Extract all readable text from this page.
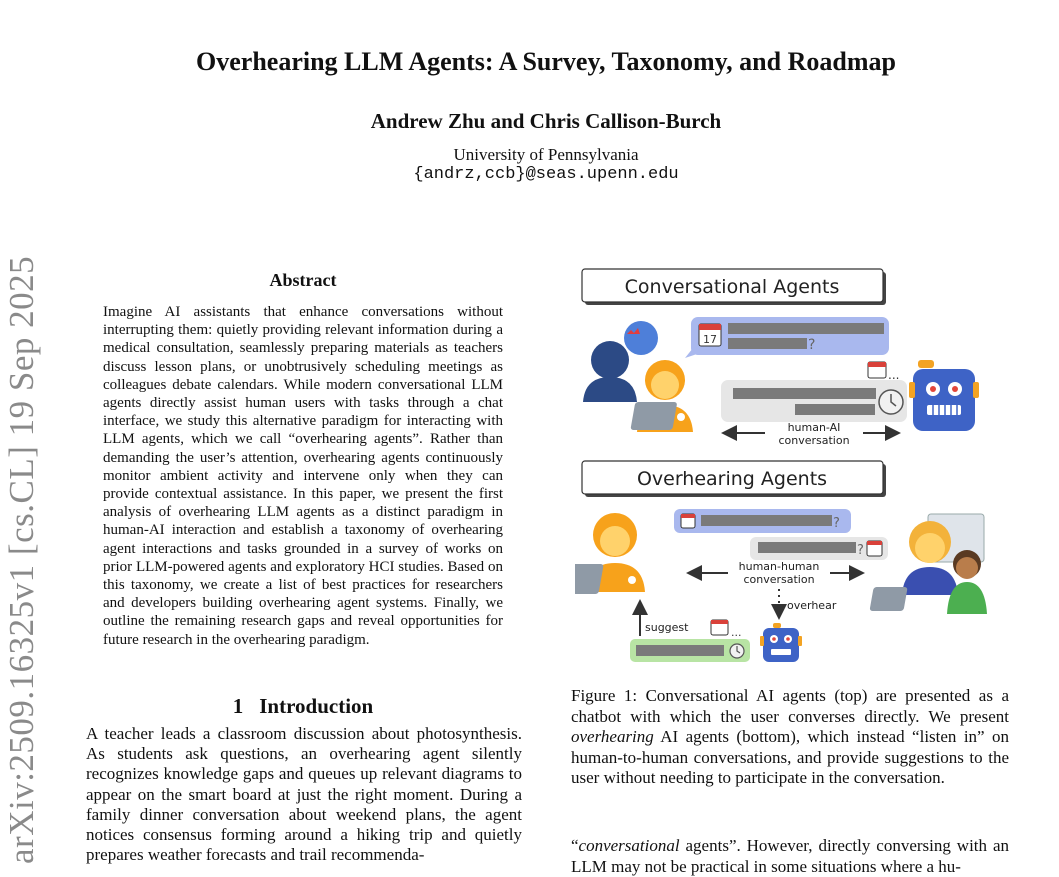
Overhearing LLM Agents: A Survey, Taxonomy, and Roadmap
Andrew Zhu and Chris Callison-Burch
University of Pennsylvania
{andrz,ccb}@seas.upenn.edu
arXiv:2509.16325v1 [cs.CL] 19 Sep 2025	Abstract
Imagine AI assistants that enhance conversations without interrupting them: quietly providing relevant information during a medical consultation, seamlessly preparing materials as teachers discuss lesson plans, or unobtrusively scheduling meetings as colleagues debate calendars. While modern conversational LLM agents directly assist human users with tasks through a chat interface, we study this alternative paradigm for interacting with LLM agents, which we call “overhearing agents”. Rather than demanding the user’s attention, overhearing agents continuously monitor ambient activity and intervene only when they can provide contextual assistance. In this paper, we present the first analysis of overhearing LLM agents as a distinct paradigm in human-AI interaction and establish a taxonomy of overhearing agent interactions and tasks grounded in a survey of works on prior LLM-powered agents and exploratory HCI studies. Based on this taxonomy, we create a list of best practices for researchers and developers building overhearing agent systems. Finally, we outline the remaining research gaps and reveal opportunities for future research in the overhearing paradigm.
1 Introduction
A teacher leads a classroom discussion about photosynthesis. As students ask questions, an overhearing agent silently recognizes knowledge gaps and queues up relevant diagrams to appear on the smart board at just the right moment. During a family dinner conversation about weekend plans, the agent notices consensus forming around a hiking trip and quietly prepares weather forecasts and trail recommenda-
Conversational Agents
17	?
...
human-AI
conversation
Overhearing Agents
?
?
human-human
conversation
overhear
suggest	...
Figure 1: Conversational AI agents (top) are presented as a chatbot with which the user converses directly. We present overhearing AI agents (bottom), which instead “listen in” on human-to-human conversations, and provide suggestions to the user without needing to participate in the conversation.
“conversational agents”. However, directly conversing with an LLM may not be practical in some situations where a hu-
